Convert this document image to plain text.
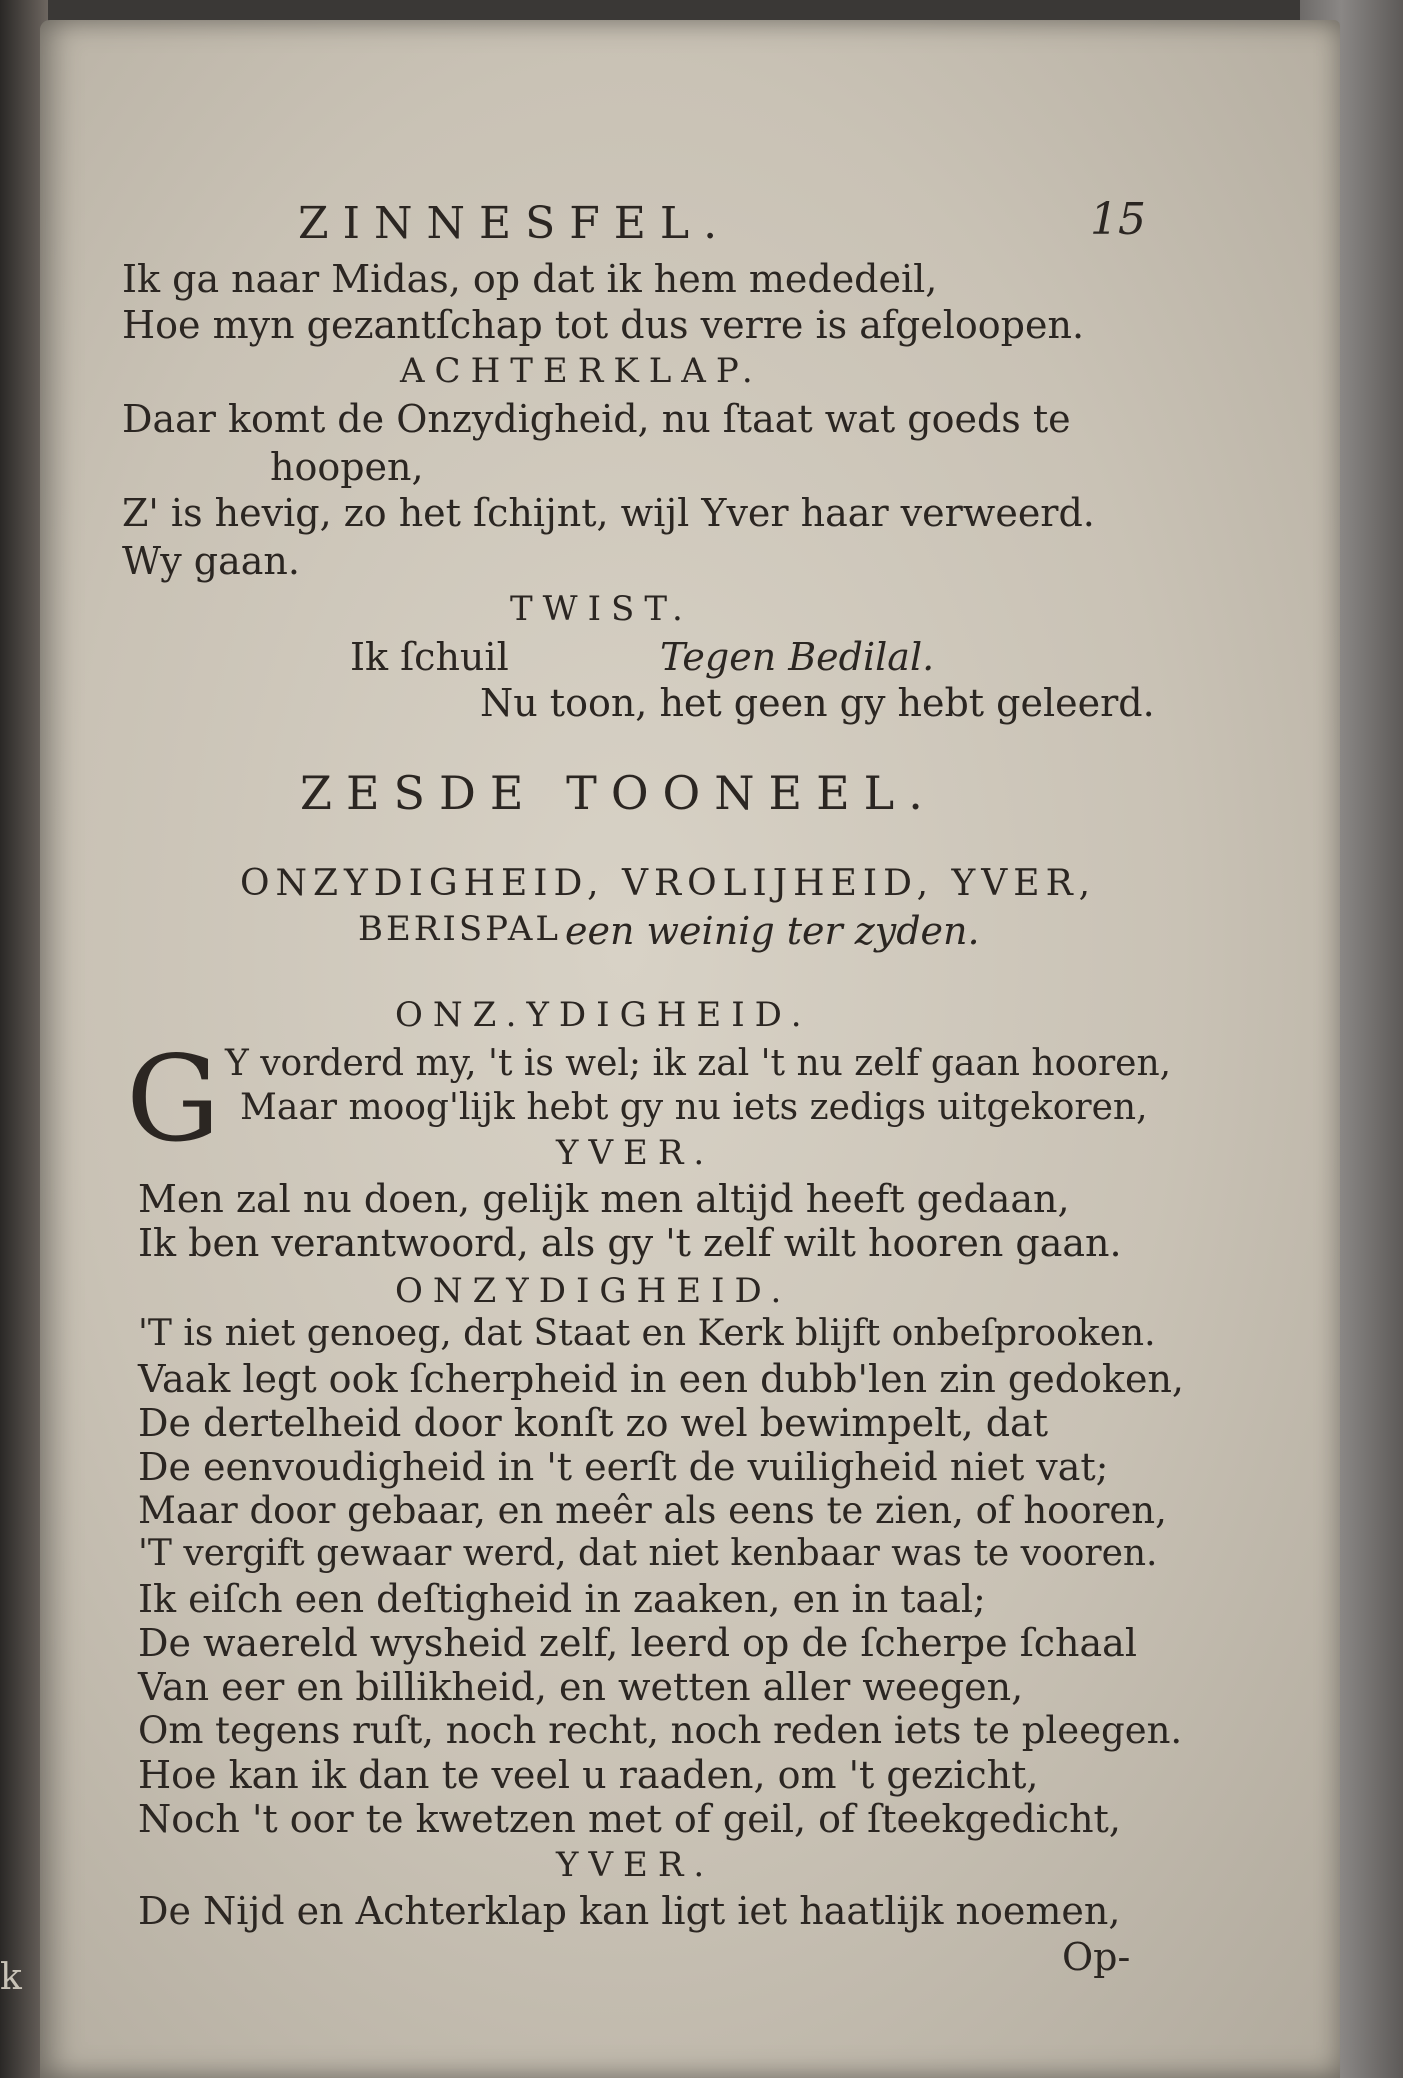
ZINNESFEL.	15
Ik ga naar Midas, op dat ik hem mededeil,
Hoe myn gezantſchap tot dus verre is afgeloopen.
ACHTERKLAP.
Daar komt de Onzydigheid, nu ſtaat wat goeds te
hoopen,
Z' is hevig, zo het ſchijnt, wijl Yver haar verweerd.
Wy gaan.
TWIST.
Ik ſchuil	Tegen Bedilal.
Nu toon, het geen gy hebt geleerd.
ZESDE TOONEEL.
ONZYDIGHEID, VROLIJHEID, YVER,
BERISPAL een weinig ter zyden.
ONZ.YDIGHEID.
G Y vorderd my, 't is wel; ik zal 't nu zelf gaan hooren,
Maar moog'lijk hebt gy nu iets zedigs uitgekoren,
YVER.
Men zal nu doen, gelijk men altijd heeft gedaan,
Ik ben verantwoord, als gy 't zelf wilt hooren gaan.
ONZYDIGHEID.
'T is niet genoeg, dat Staat en Kerk blijft onbeſprooken.
Vaak legt ook ſcherpheid in een dubb'len zin gedoken,
De dertelheid door konſt zo wel bewimpelt, dat
De eenvoudigheid in 't eerſt de vuiligheid niet vat;
Maar door gebaar, en meêr als eens te zien, of hooren,
'T vergift gewaar werd, dat niet kenbaar was te vooren.
Ik eiſch een deſtigheid in zaaken, en in taal;
De waereld wysheid zelf, leerd op de ſcherpe ſchaal
Van eer en billikheid, en wetten aller weegen,
Om tegens ruſt, noch recht, noch reden iets te pleegen.
Hoe kan ik dan te veel u raaden, om 't gezicht,
Noch 't oor te kwetzen met of geil, of ſteekgedicht,
YVER.
De Nijd en Achterklap kan ligt iet haatlijk noemen,
Op-
k
